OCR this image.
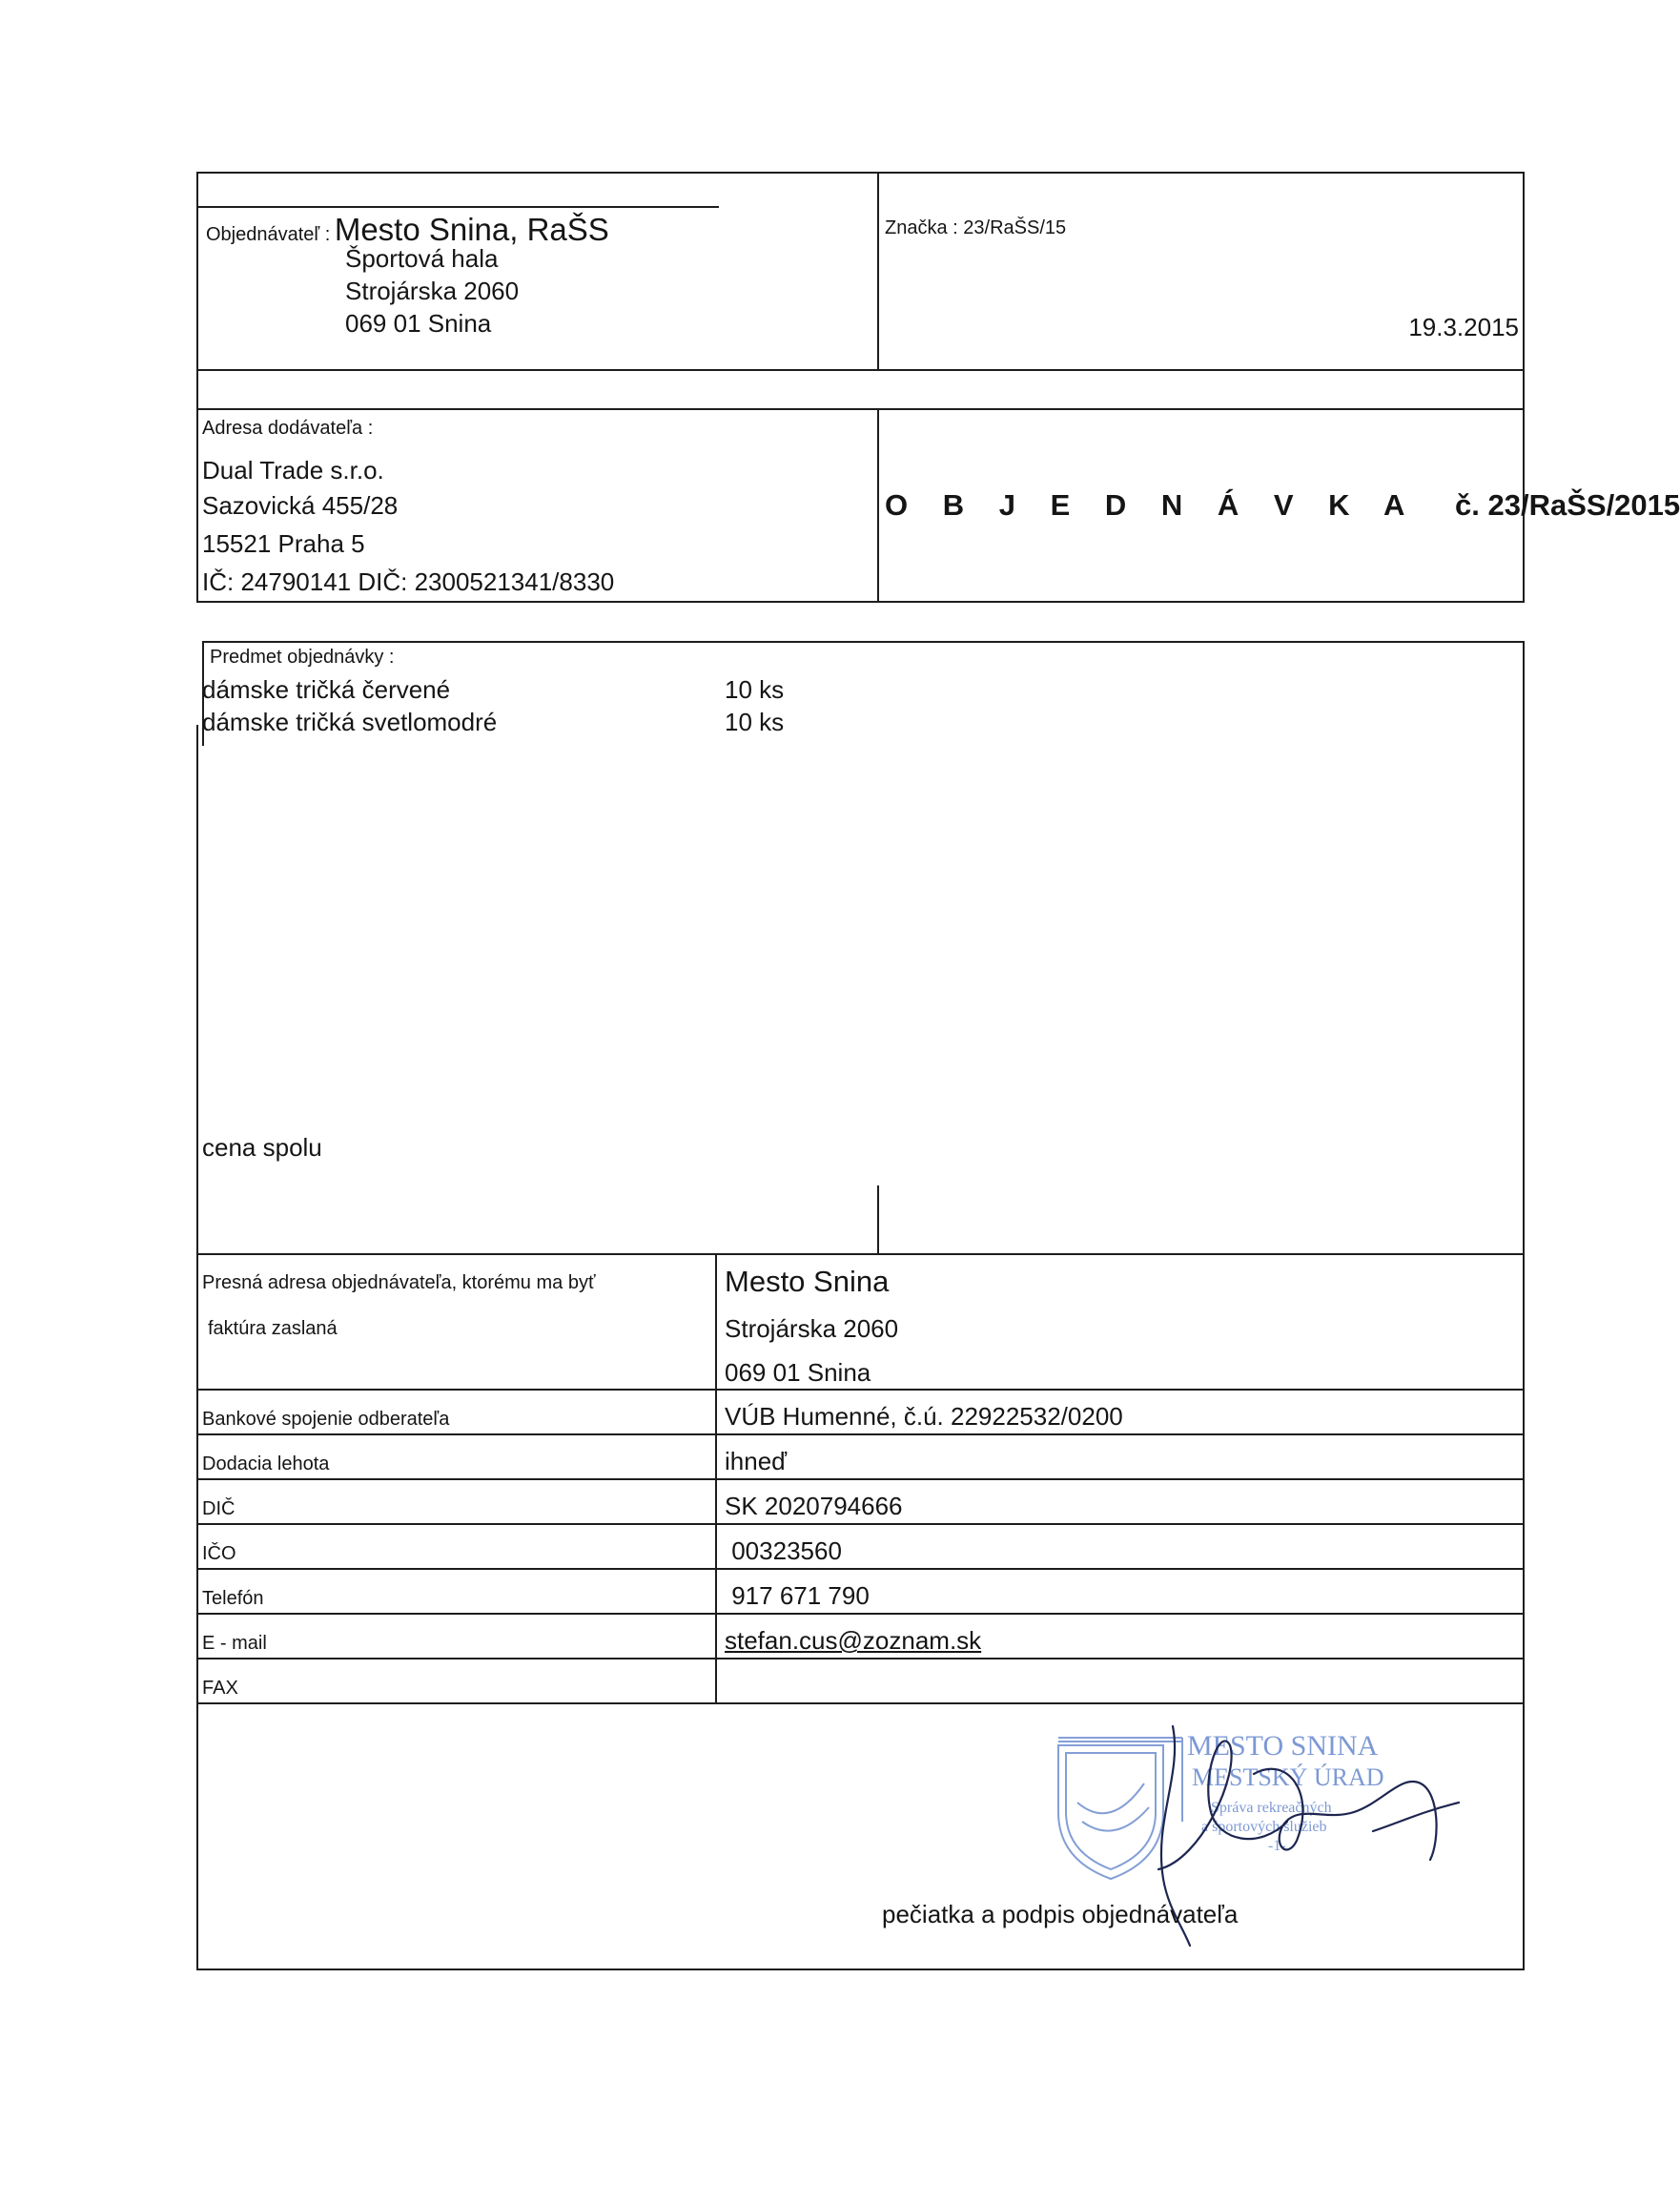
Objednávateľ : Mesto Snina, RaŠS
Športová hala
Strojárska 2060
069 01 Snina
Značka : 23/RaŠS/15
19.3.2015
Adresa dodávateľa :
Dual Trade s.r.o.
Sazovická 455/28
15521 Praha 5
IČ: 24790141 DIČ: 2300521341/8330
O B J E D N Á V K A č. 23/RaŠS/2015
Predmet objednávky :
dámske tričká červené	10 ks
dámske tričká svetlomodré	10 ks
cena spolu
Presná adresa objednávateľa, ktorému ma byť
faktúra zaslaná
Mesto Snina
Strojárska 2060
069 01 Snina
Bankové spojenie odberateľa	VÚB Humenné, č.ú. 22922532/0200
Dodacia lehota	ihneď
DIČ	SK 2020794666
IČO	00323560
Telefón	917 671 790
E - mail	stefan.cus@zoznam.sk
FAX
MESTO SNINA
MESTSKÝ ÚRAD
Správa rekreačných
a športových služieb
-1-
pečiatka a podpis objednávateľa
